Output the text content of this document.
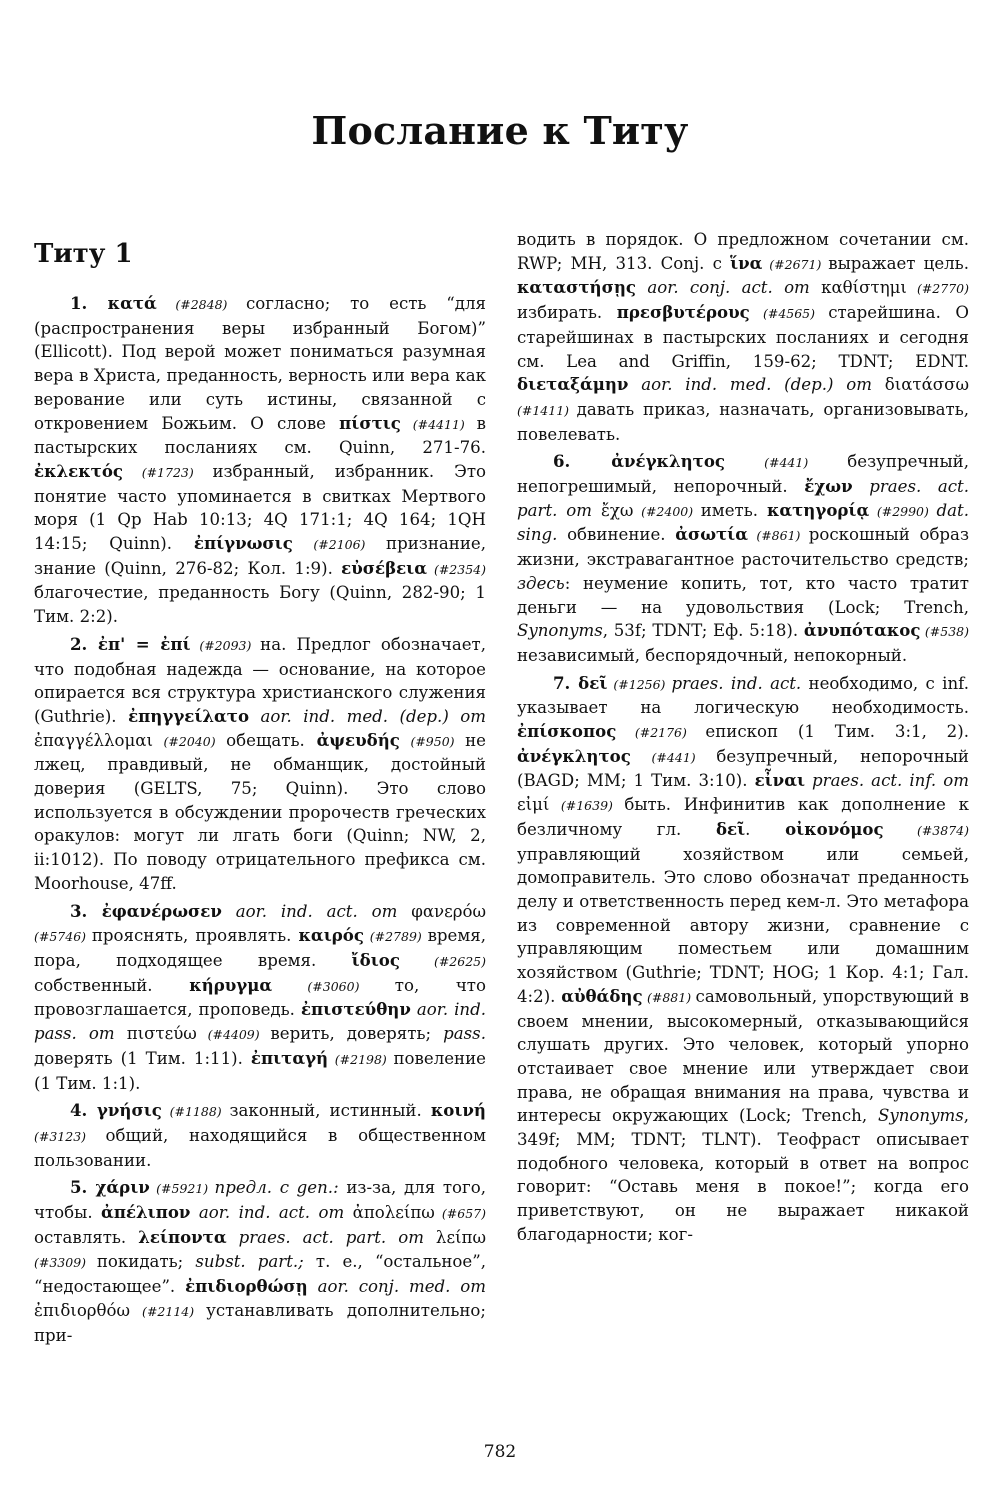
Послание к Титу
Титу 1

1. κατά (#2848) согласно; то есть “для (распространения веры избранный Богом)” (Ellicott). Под верой может пониматься разумная вера в Христа, преданность, верность или вера как верование или суть истины, связанной с откровением Божьим. О слове πίστις (#4411) в пастырских посланиях см. Quinn, 271-76. ἐκλεκτός (#1723) избранный, избранник. Это понятие часто упоминается в свитках Мертвого моря (1 Qp Hab 10:13; 4Q 171:1; 4Q 164; 1QH 14:15; Quinn). ἐπίγνωσις (#2106) признание, знание (Quinn, 276-82; Кол. 1:9). εὐσέβεια (#2354) благочестие, преданность Богу (Quinn, 282-90; 1 Тим. 2:2).

2. ἐπ' = ἐπί (#2093) на. Предлог обозначает, что подобная надежда — основание, на которое опирается вся структура христианского служения (Guthrie). ἐπηγγείλατο aor. ind. med. (dep.) от ἐπαγγέλλομαι (#2040) обещать. ἀψευδής (#950) не лжец, правдивый, не обманщик, достойный доверия (GELTS, 75; Quinn). Это слово используется в обсуждении пророчеств греческих оракулов: могут ли лгать боги (Quinn; NW, 2, ii:1012). По поводу отрицательного префикса см. Moorhouse, 47ff.

3. ἐφανέρωσεν aor. ind. act. от φανερόω (#5746) прояснять, проявлять. καιρός (#2789) время, пора, подходящее время. ἴδιος (#2625) собственный. κήρυγμα (#3060) то, что провозглашается, проповедь. ἐπιστεύθην aor. ind. pass. от πιστεύω (#4409) верить, доверять; pass. доверять (1 Тим. 1:11). ἐπιταγή (#2198) повеление (1 Тим. 1:1).

4. γνήσις (#1188) законный, истинный. κοινή (#3123) общий, находящийся в общественном пользовании.

5. χάριν (#5921) предл. с gen.: из-за, для того, чтобы. ἀπέλιπον aor. ind. act. от ἀπολείπω (#657) оставлять. λείποντα praes. act. part. от λείπω (#3309) покидать; subst. part.; т. е., “остальное”, “недостающее”. ἐπιδιορθώσῃ aor. conj. med. от ἐπιδιορθόω (#2114) устанавливать дополнительно; при-

водить в порядок. О предложном сочетании см. RWP; MH, 313. Conj. с ἵνα (#2671) выражает цель. καταστήσῃς aor. conj. act. от καθίστημι (#2770) избирать. πρεσβυτέρους (#4565) старейшина. О старейшинах в пастырских посланиях и сегодня см. Lea and Griffin, 159-62; TDNT; EDNT. διεταξάμην aor. ind. med. (dep.) от διατάσσω (#1411) давать приказ, назначать, организовывать, повелевать.

6. ἀνέγκλητος (#441) безупречный, непогрешимый, непорочный. ἔχων praes. act. part. от ἔχω (#2400) иметь. κατηγορίᾳ (#2990) dat. sing. обвинение. ἀσωτία (#861) роскошный образ жизни, экстравагантное расточительство средств; здесь: неумение копить, тот, кто часто тратит деньги — на удовольствия (Lock; Trench, Synonyms, 53f; TDNT; Еф. 5:18). ἀνυπότακος (#538) независимый, беспорядочный, непокорный.

7. δεῖ (#1256) praes. ind. act. необходимо, с inf. указывает на логическую необходимость. ἐπίσκοπος (#2176) епископ (1 Тим. 3:1, 2). ἀνέγκλητος (#441) безупречный, непорочный (BAGD; MM; 1 Тим. 3:10). εἶναι praes. act. inf. от εἰμί (#1639) быть. Инфинитив как дополнение к безличному гл. δεῖ. οἰκονόμος (#3874) управляющий хозяйством или семьей, домоправитель. Это слово обозначат преданность делу и ответственность перед кем-л. Это метафора из современной автору жизни, сравнение с управляющим поместьем или домашним хозяйством (Guthrie; TDNT; HOG; 1 Кор. 4:1; Гал. 4:2). αὐθάδης (#881) самовольный, упорствующий в своем мнении, высокомерный, отказывающийся слушать других. Это человек, который упорно отстаивает свое мнение или утверждает свои права, не обращая внимания на права, чувства и интересы окружающих (Lock; Trench, Synonyms, 349f; MM; TDNT; TLNT). Теофраст описывает подобного человека, который в ответ на вопрос говорит: “Оставь меня в покое!”; когда его приветствуют, он не выражает никакой благодарности; ког-

782
